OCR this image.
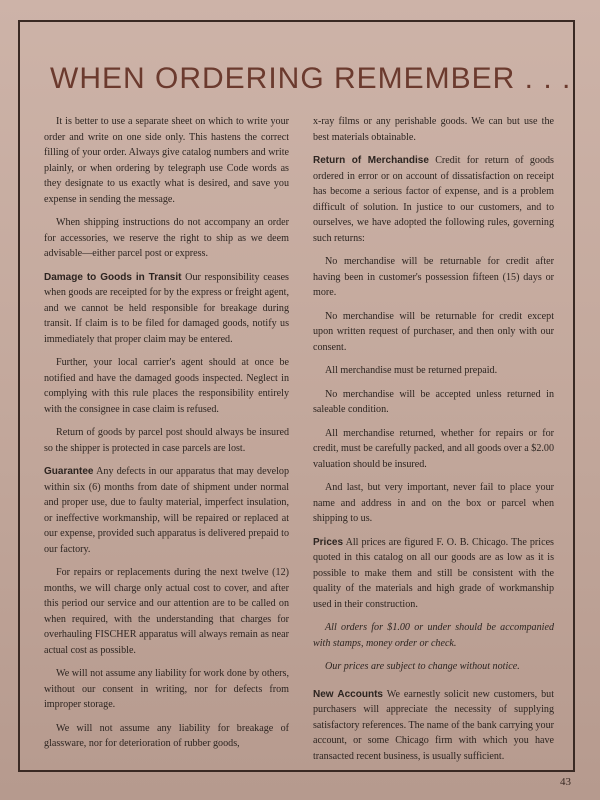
WHEN ORDERING REMEMBER . . .

It is better to use a separate sheet on which to write your order and write on one side only. This hastens the correct filling of your order. Always give catalog numbers and write plainly, or when ordering by telegraph use Code words as they designate to us exactly what is desired, and save you expense in sending the message.

When shipping instructions do not accompany an order for accessories, we reserve the right to ship as we deem advisable—either parcel post or express.

Damage to Goods in Transit Our responsibility ceases when goods are receipted for by the express or freight agent, and we cannot be held responsible for breakage during transit. If claim is to be filed for damaged goods, notify us immediately that proper claim may be entered.

Further, your local carrier's agent should at once be notified and have the damaged goods inspected. Neglect in complying with this rule places the responsibility entirely with the consignee in case claim is refused.

Return of goods by parcel post should always be insured so the shipper is protected in case parcels are lost.

Guarantee Any defects in our apparatus that may develop within six (6) months from date of shipment under normal and proper use, due to faulty material, imperfect insulation, or ineffective workmanship, will be repaired or replaced at our expense, provided such apparatus is delivered prepaid to our factory.

For repairs or replacements during the next twelve (12) months, we will charge only actual cost to cover, and after this period our service and our attention are to be called on when required, with the understanding that charges for overhauling FISCHER apparatus will always remain as near actual cost as possible.

We will not assume any liability for work done by others, without our consent in writing, nor for defects from improper storage.

We will not assume any liability for breakage of glassware, nor for deterioration of rubber goods,

x-ray films or any perishable goods. We can but use the best materials obtainable.

Return of Merchandise Credit for return of goods ordered in error or on account of dissatisfaction on receipt has become a serious factor of expense, and is a problem difficult of solution. In justice to our customers, and to ourselves, we have adopted the following rules, governing such returns:

No merchandise will be returnable for credit after having been in customer's possession fifteen (15) days or more.

No merchandise will be returnable for credit except upon written request of purchaser, and then only with our consent.

All merchandise must be returned prepaid.

No merchandise will be accepted unless returned in saleable condition.

All merchandise returned, whether for repairs or for credit, must be carefully packed, and all goods over a $2.00 valuation should be insured.

And last, but very important, never fail to place your name and address in and on the box or parcel when shipping to us.

Prices All prices are figured F. O. B. Chicago. The prices quoted in this catalog on all our goods are as low as it is possible to make them and still be consistent with the quality of the materials and high grade of workmanship used in their construction.

All orders for $1.00 or under should be accompanied with stamps, money order or check.

Our prices are subject to change without notice.

New Accounts We earnestly solicit new customers, but purchasers will appreciate the necessity of supplying satisfactory references. The name of the bank carrying your account, or some Chicago firm with which you have transacted recent business, is usually sufficient.

43
